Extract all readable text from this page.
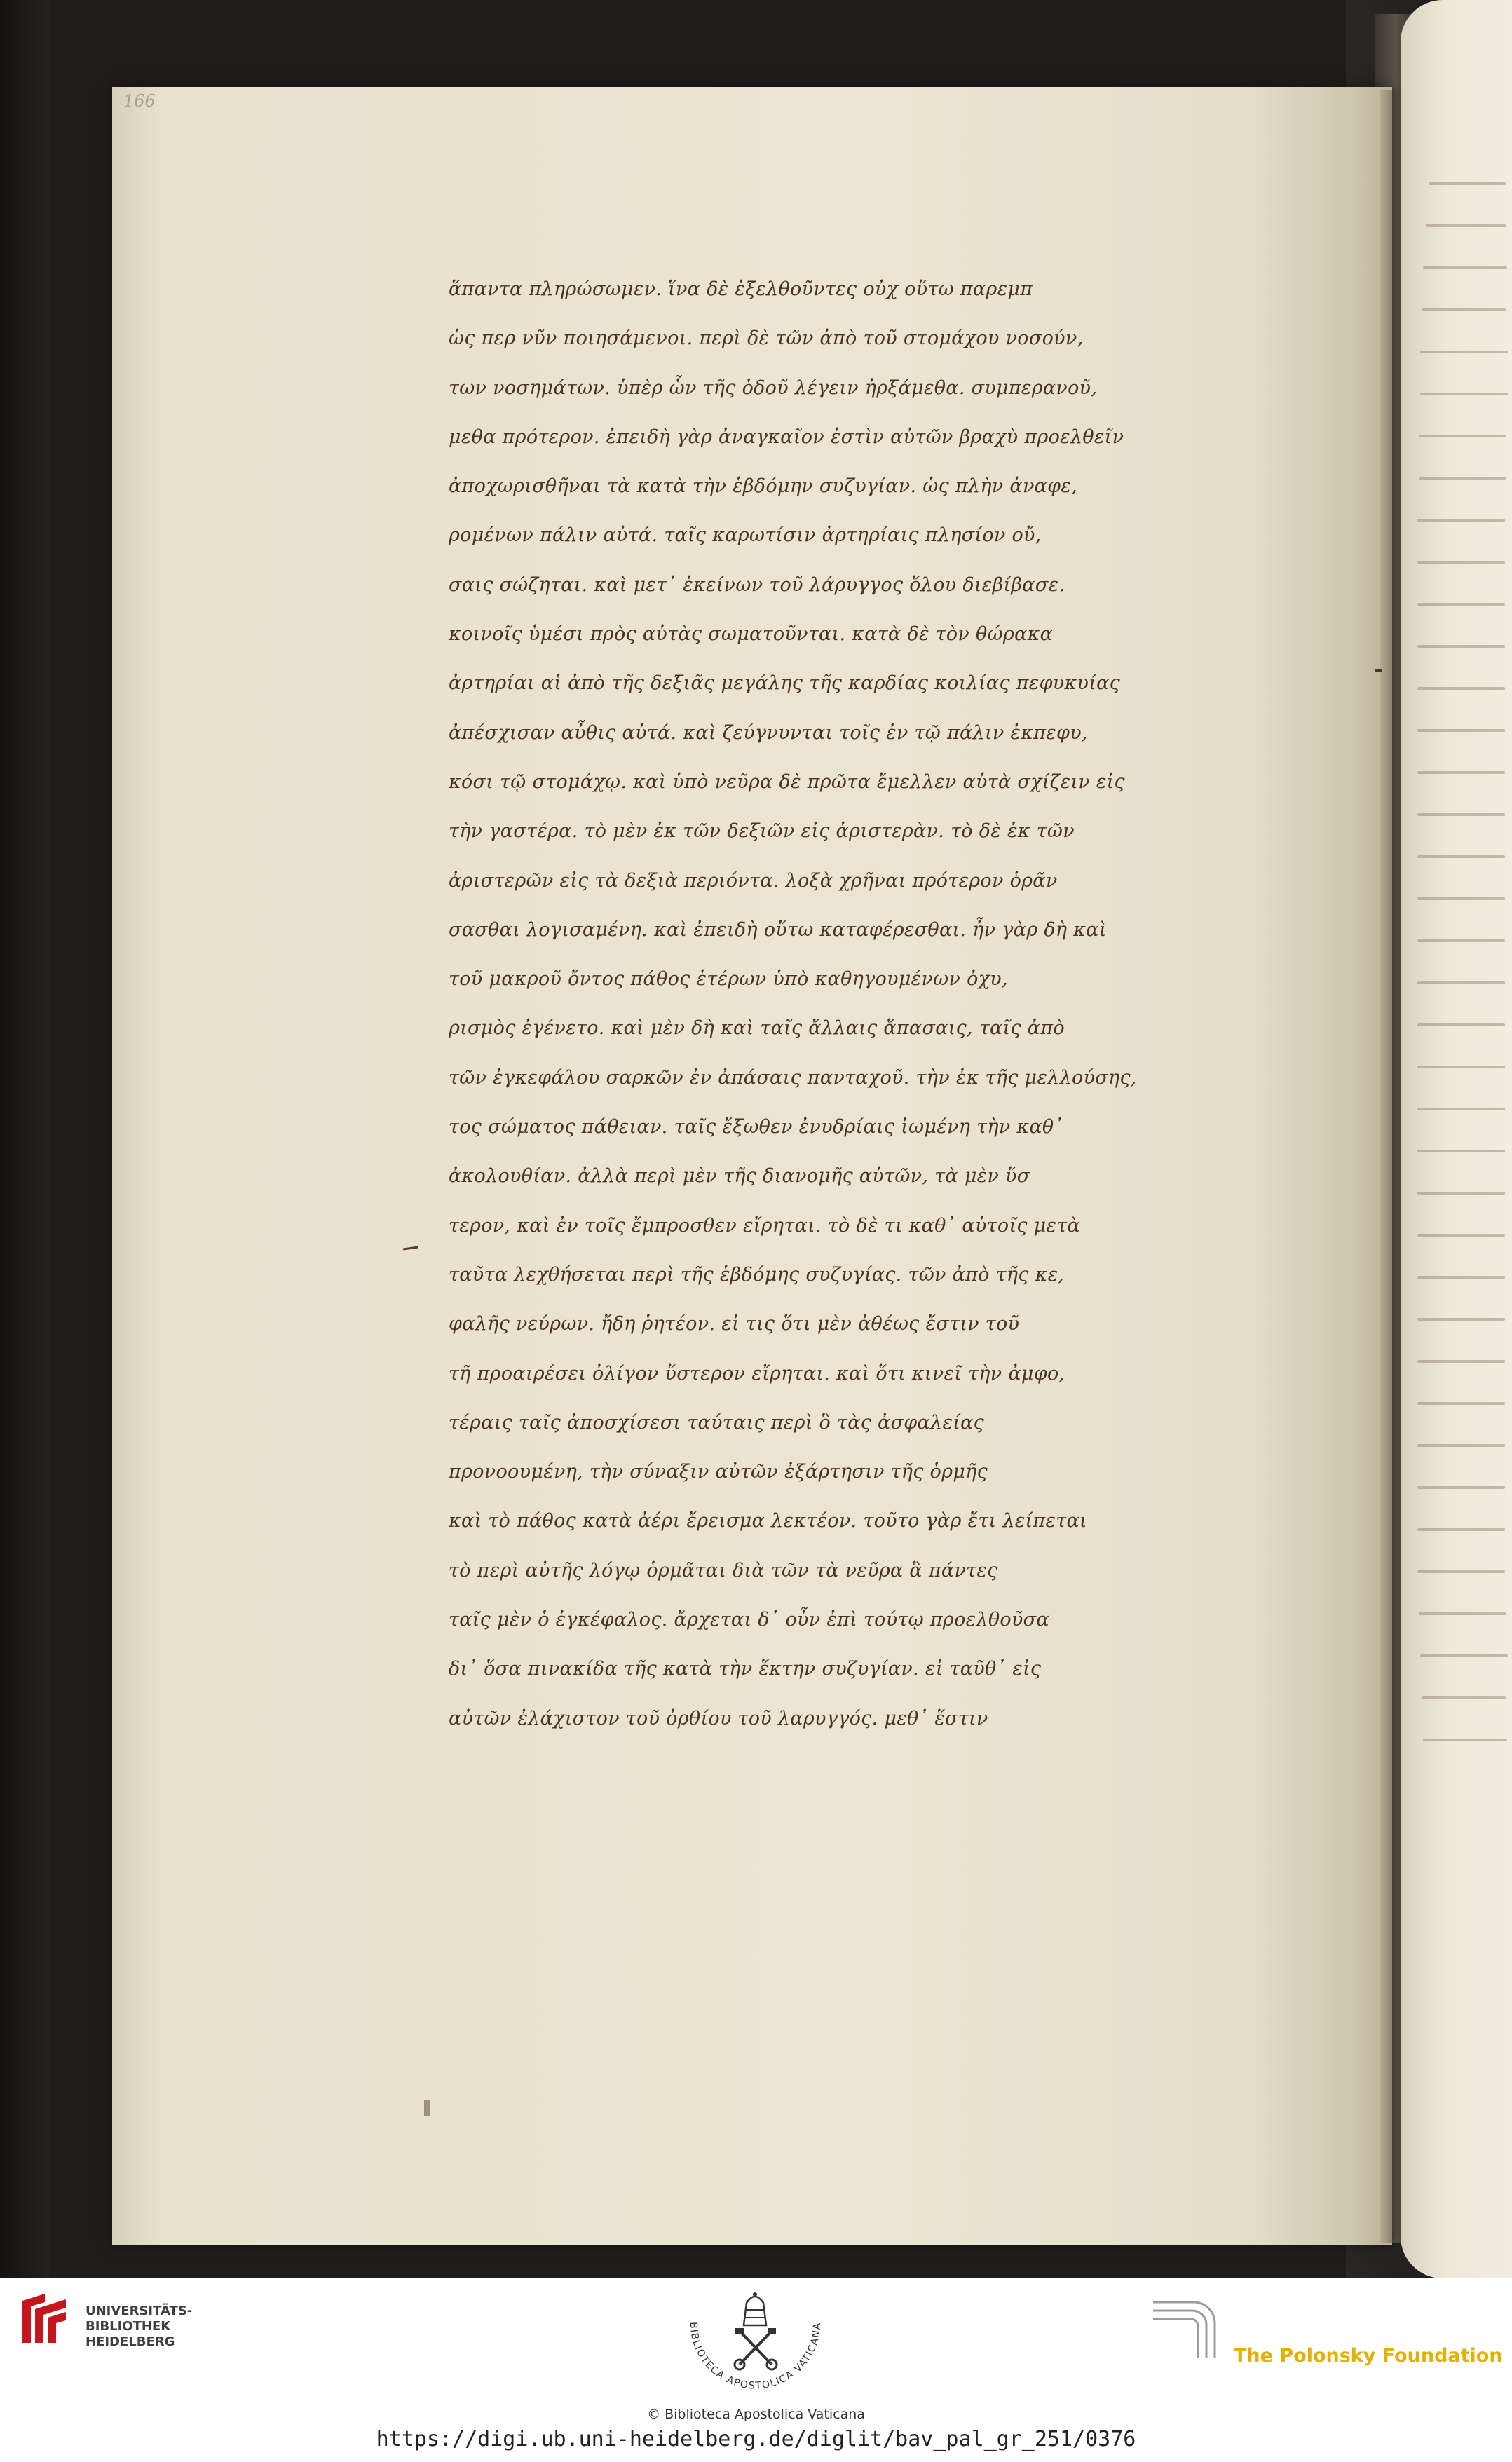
166
ἅπαντα πληρώσωμεν. ἵνα δὲ ἐξελθοῦντες οὐχ οὕτω παρεμπ
ὡς περ νῦν ποιησάμενοι. περὶ δὲ τῶν ἀπὸ τοῦ στομάχου νοσούν,
των νοσημάτων. ὑπὲρ ὧν τῆς ὁδοῦ λέγειν ἠρξάμεθα. συμπερανοῦ,
μεθα πρότερον. ἐπειδὴ γὰρ ἀναγκαῖον ἐστὶν αὐτῶν βραχὺ προελθεῖν
ἀποχωρισθῆναι τὰ κατὰ τὴν ἑβδόμην συζυγίαν. ὡς πλὴν ἀναφε,
ρομένων πάλιν αὐτά. ταῖς καρωτίσιν ἀρτηρίαις πλησίον οὔ,
σαις σώζηται. καὶ μετ᾽ ἐκείνων τοῦ λάρυγγος ὅλου διεβίβασε.
κοινοῖς ὑμέσι πρὸς αὐτὰς σωματοῦνται. κατὰ δὲ τὸν θώρακα
ἀρτηρίαι αἱ ἀπὸ τῆς δεξιᾶς μεγάλης τῆς καρδίας κοιλίας πεφυκυίας
ἀπέσχισαν αὖθις αὐτά. καὶ ζεύγνυνται τοῖς ἐν τῷ πάλιν ἐκπεφυ,
κόσι τῷ στομάχῳ. καὶ ὑπὸ νεῦρα δὲ πρῶτα ἔμελλεν αὐτὰ σχίζειν εἰς
τὴν γαστέρα. τὸ μὲν ἐκ τῶν δεξιῶν εἰς ἀριστερὰν. τὸ δὲ ἐκ τῶν
ἀριστερῶν εἰς τὰ δεξιὰ περιόντα. λοξὰ χρῆναι πρότερον ὁρᾶν
σασθαι λογισαμένη. καὶ ἐπειδὴ οὕτω καταφέρεσθαι. ἦν γὰρ δὴ καὶ
τοῦ μακροῦ ὄντος πάθος ἑτέρων ὑπὸ καθηγουμένων ὀχυ,
ρισμὸς ἐγένετο. καὶ μὲν δὴ καὶ ταῖς ἄλλαις ἅπασαις, ταῖς ἀπὸ
τῶν ἐγκεφάλου σαρκῶν ἐν ἀπάσαις πανταχοῦ. τὴν ἐκ τῆς μελλούσης,
τος σώματος πάθειαν. ταῖς ἔξωθεν ἐνυδρίαις ἰωμένη τὴν καθ᾽
ἀκολουθίαν. ἀλλὰ περὶ μὲν τῆς διανομῆς αὐτῶν, τὰ μὲν ὕσ
τερον, καὶ ἐν τοῖς ἔμπροσθεν εἴρηται. τὸ δὲ τι καθ᾽ αὐτοῖς μετὰ
ταῦτα λεχθήσεται περὶ τῆς ἑβδόμης συζυγίας. τῶν ἀπὸ τῆς κε,
φαλῆς νεύρων. ἤδη ῥητέον. εἰ τις ὅτι μὲν ἀθέως ἔστιν τοῦ
τῆ προαιρέσει ὀλίγον ὕστερον εἴρηται. καὶ ὅτι κινεῖ τὴν ἀμφο,
τέραις ταῖς ἀποσχίσεσι ταύταις περὶ ὃ τὰς ἀσφαλείας
προνοουμένη, τὴν σύναξιν αὐτῶν ἐξάρτησιν τῆς ὁρμῆς
καὶ τὸ πάθος κατὰ ἀέρι ἔρεισμα λεκτέον. τοῦτο γὰρ ἔτι λείπεται
τὸ περὶ αὐτῆς λόγῳ ὁρμᾶται διὰ τῶν τὰ νεῦρα ἃ πάντες
ταῖς μὲν ὁ ἐγκέφαλος. ἄρχεται δ᾽ οὖν ἐπὶ τούτῳ προελθοῦσα
δι᾽ ὅσα πινακίδα τῆς κατὰ τὴν ἕκτην συζυγίαν. εἰ ταῦθ᾽ εἰς
αὐτῶν ἐλάχιστον τοῦ ὀρθίου τοῦ λαρυγγός. μεθ᾽ ἕστιν
UNIVERSITÄTS-
BIBLIOTHEK
HEIDELBERG
BIBLIOTECA APOSTOLICA VATICANA
© Biblioteca Apostolica Vaticana
https://digi.ub.uni-heidelberg.de/diglit/bav_pal_gr_251/0376
The Polonsky Foundation
